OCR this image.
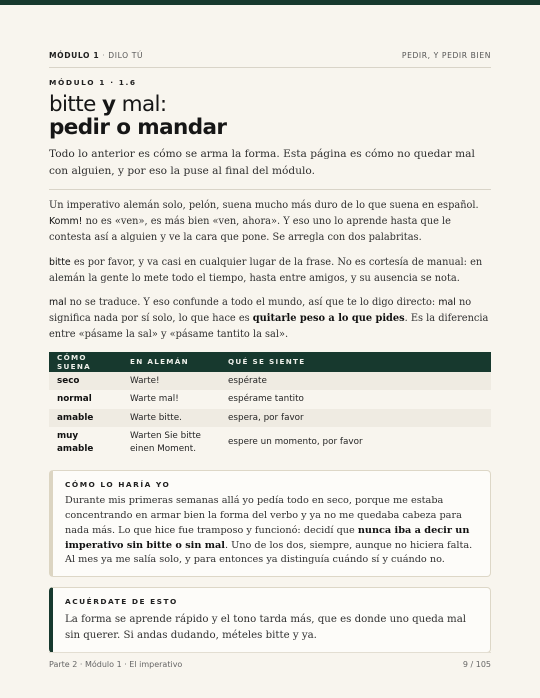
MÓDULO 1 · DILO TÚ	PEDIR, Y PEDIR BIEN
MÓDULO 1 · 1.6
bitte y mal:
pedir o mandar

Todo lo anterior es cómo se arma la forma. Esta página es cómo no quedar mal con alguien, y por eso la puse al final del módulo.

Un imperativo alemán solo, pelón, suena mucho más duro de lo que suena en español. Komm! no es «ven», es más bien «ven, ahora». Y eso uno lo aprende hasta que le contesta así a alguien y ve la cara que pone. Se arregla con dos palabritas.

bitte es por favor, y va casi en cualquier lugar de la frase. No es cortesía de manual: en alemán la gente lo mete todo el tiempo, hasta entre amigos, y su ausencia se nota.

mal no se traduce. Y eso confunde a todo el mundo, así que te lo digo directo: mal no significa nada por sí solo, lo que hace es quitarle peso a lo que pides. Es la diferencia entre «pásame la sal» y «pásame tantito la sal».

CÓMO SUENA	EN ALEMÁN	QUÉ SE SIENTE
seco	Warte!	espérate
normal	Warte mal!	espérame tantito
amable	Warte bitte.	espera, por favor
muy amable	Warten Sie bitte einen Moment.	espere un momento, por favor
CÓMO LO HARÍA YO

Durante mis primeras semanas allá yo pedía todo en seco, porque me estaba concentrando en armar bien la forma del verbo y ya no me quedaba cabeza para nada más. Lo que hice fue tramposo y funcionó: decidí que nunca iba a decir un imperativo sin bitte o sin mal. Uno de los dos, siempre, aunque no hiciera falta. Al mes ya me salía solo, y para entonces ya distinguía cuándo sí y cuándo no.

ACUÉRDATE DE ESTO

La forma se aprende rápido y el tono tarda más, que es donde uno queda mal sin querer. Si andas dudando, mételes bitte y ya.

Parte 2 · Módulo 1 · El imperativo	9 / 105
